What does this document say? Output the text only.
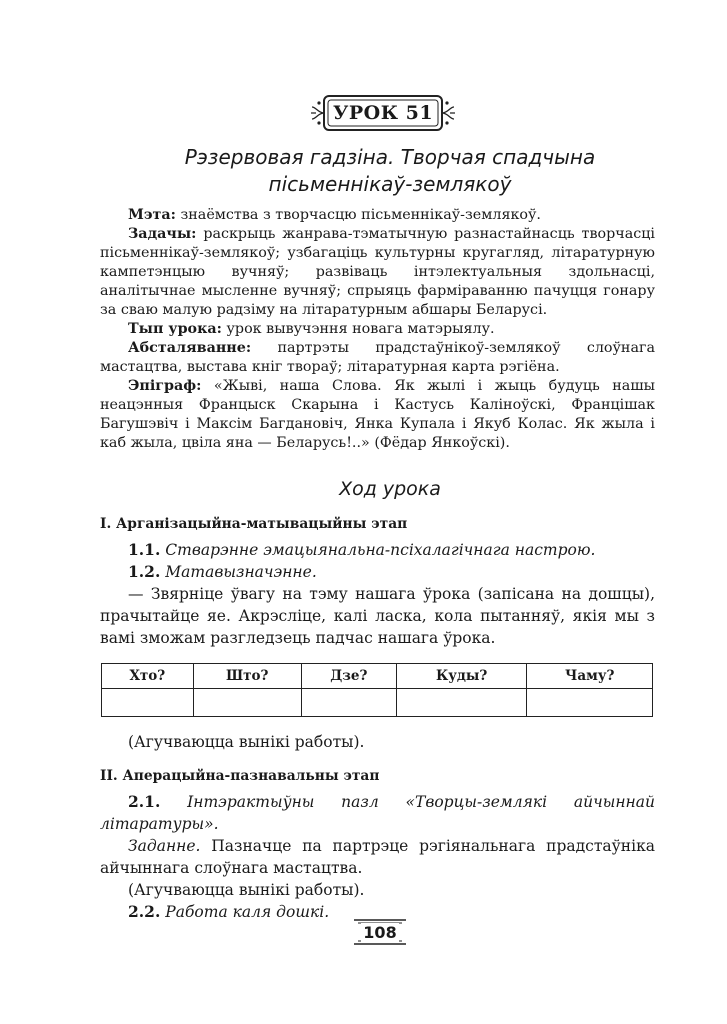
УРОК 51
Рэзервовая гадзіна. Творчая спадчына
пісьменнікаў-землякоў

Мэта: знаёмства з творчасцю пісьменнікаў-землякоў.

Задачы: раскрыць жанрава-тэматычную разнастайнасць творчасці пісьменнікаў-землякоў; узбагаціць культурны кругагляд, літаратурную кампетэнцыю вучняў; развіваць інтэлектуальныя здольнасці, аналітычнае мысленне вучняў; спрыяць фарміраванню пачуцця гонару за сваю малую радзіму на літаратурным абшары Беларусі.

Тып урока: урок вывучэння новага матэрыялу.

Абсталяванне: партрэты прадстаўнікоў-землякоў слоўнага мастацтва, выстава кніг твораў; літаратурная карта рэгіёна.

Эпіграф: «Жыві, наша Слова. Як жылі і жыць будуць нашы неацэнныя Францыск Скарына і Кастусь Каліноўскі, Францішак Багушэвіч і Максім Багдановіч, Янка Купала і Якуб Колас. Як жыла і каб жыла, цвіла яна — Беларусь!..» (Фёдар Янкоўскі).

Ход урока

I. Арганізацыйна-матывацыйны этап

1.1. Стварэнне эмацыянальна-псіхалагічнага настрою.

1.2. Матавызначэнне.

— Звярніце ўвагу на тэму нашага ўрока (запісана на дошцы), прачытайце яе. Акрэсліце, калі ласка, кола пытанняў, якія мы з вамі зможам разгледзець падчас нашага ўрока.

Хто?	Што?	Дзе?	Куды?	Чаму?

(Агучваюцца вынікі работы).

II. Аперацыйна-пазнавальны этап

2.1. Інтэрактыўны пазл «Творцы-землякі айчыннай літаратуры».

Заданне. Пазначце па партрэце рэгіянальнага прадстаўніка айчыннага слоўнага мастацтва.

(Агучваюцца вынікі работы).

2.2. Работа каля дошкі.

108
